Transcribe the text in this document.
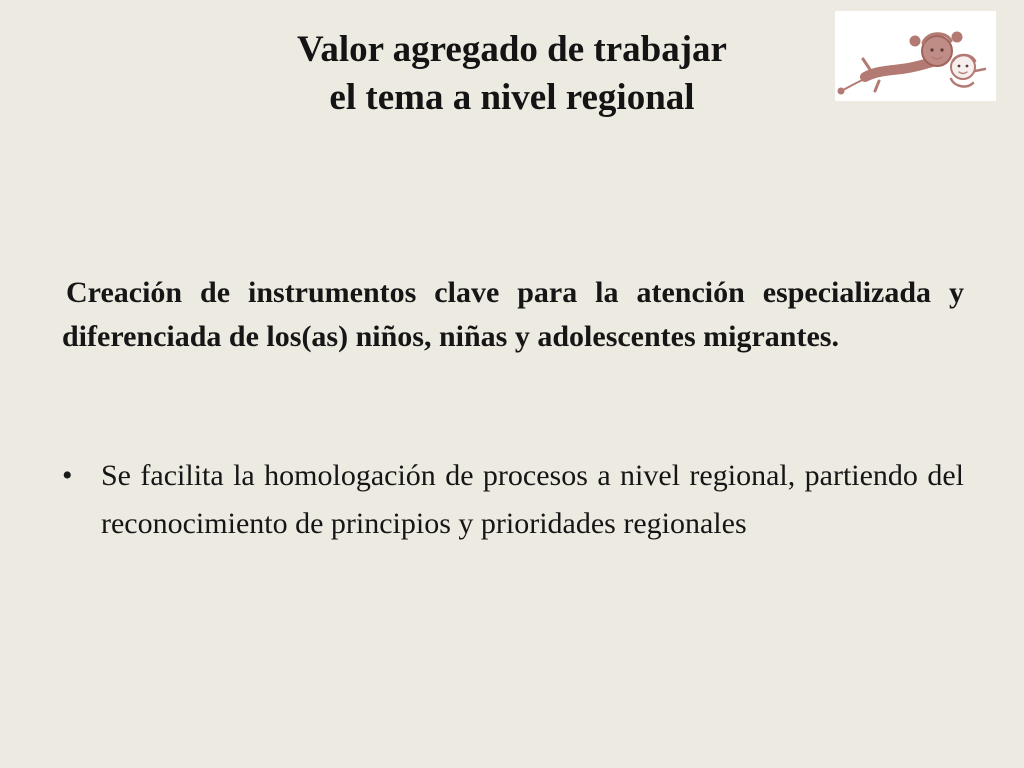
Valor agregado de trabajar
el tema a nivel regional

Creación de instrumentos clave para la atención especializada y diferenciada de los(as) niños, niñas y adolescentes migrantes.

• Se facilita la homologación de procesos a nivel regional, partiendo del reconocimiento de principios y prioridades regionales
